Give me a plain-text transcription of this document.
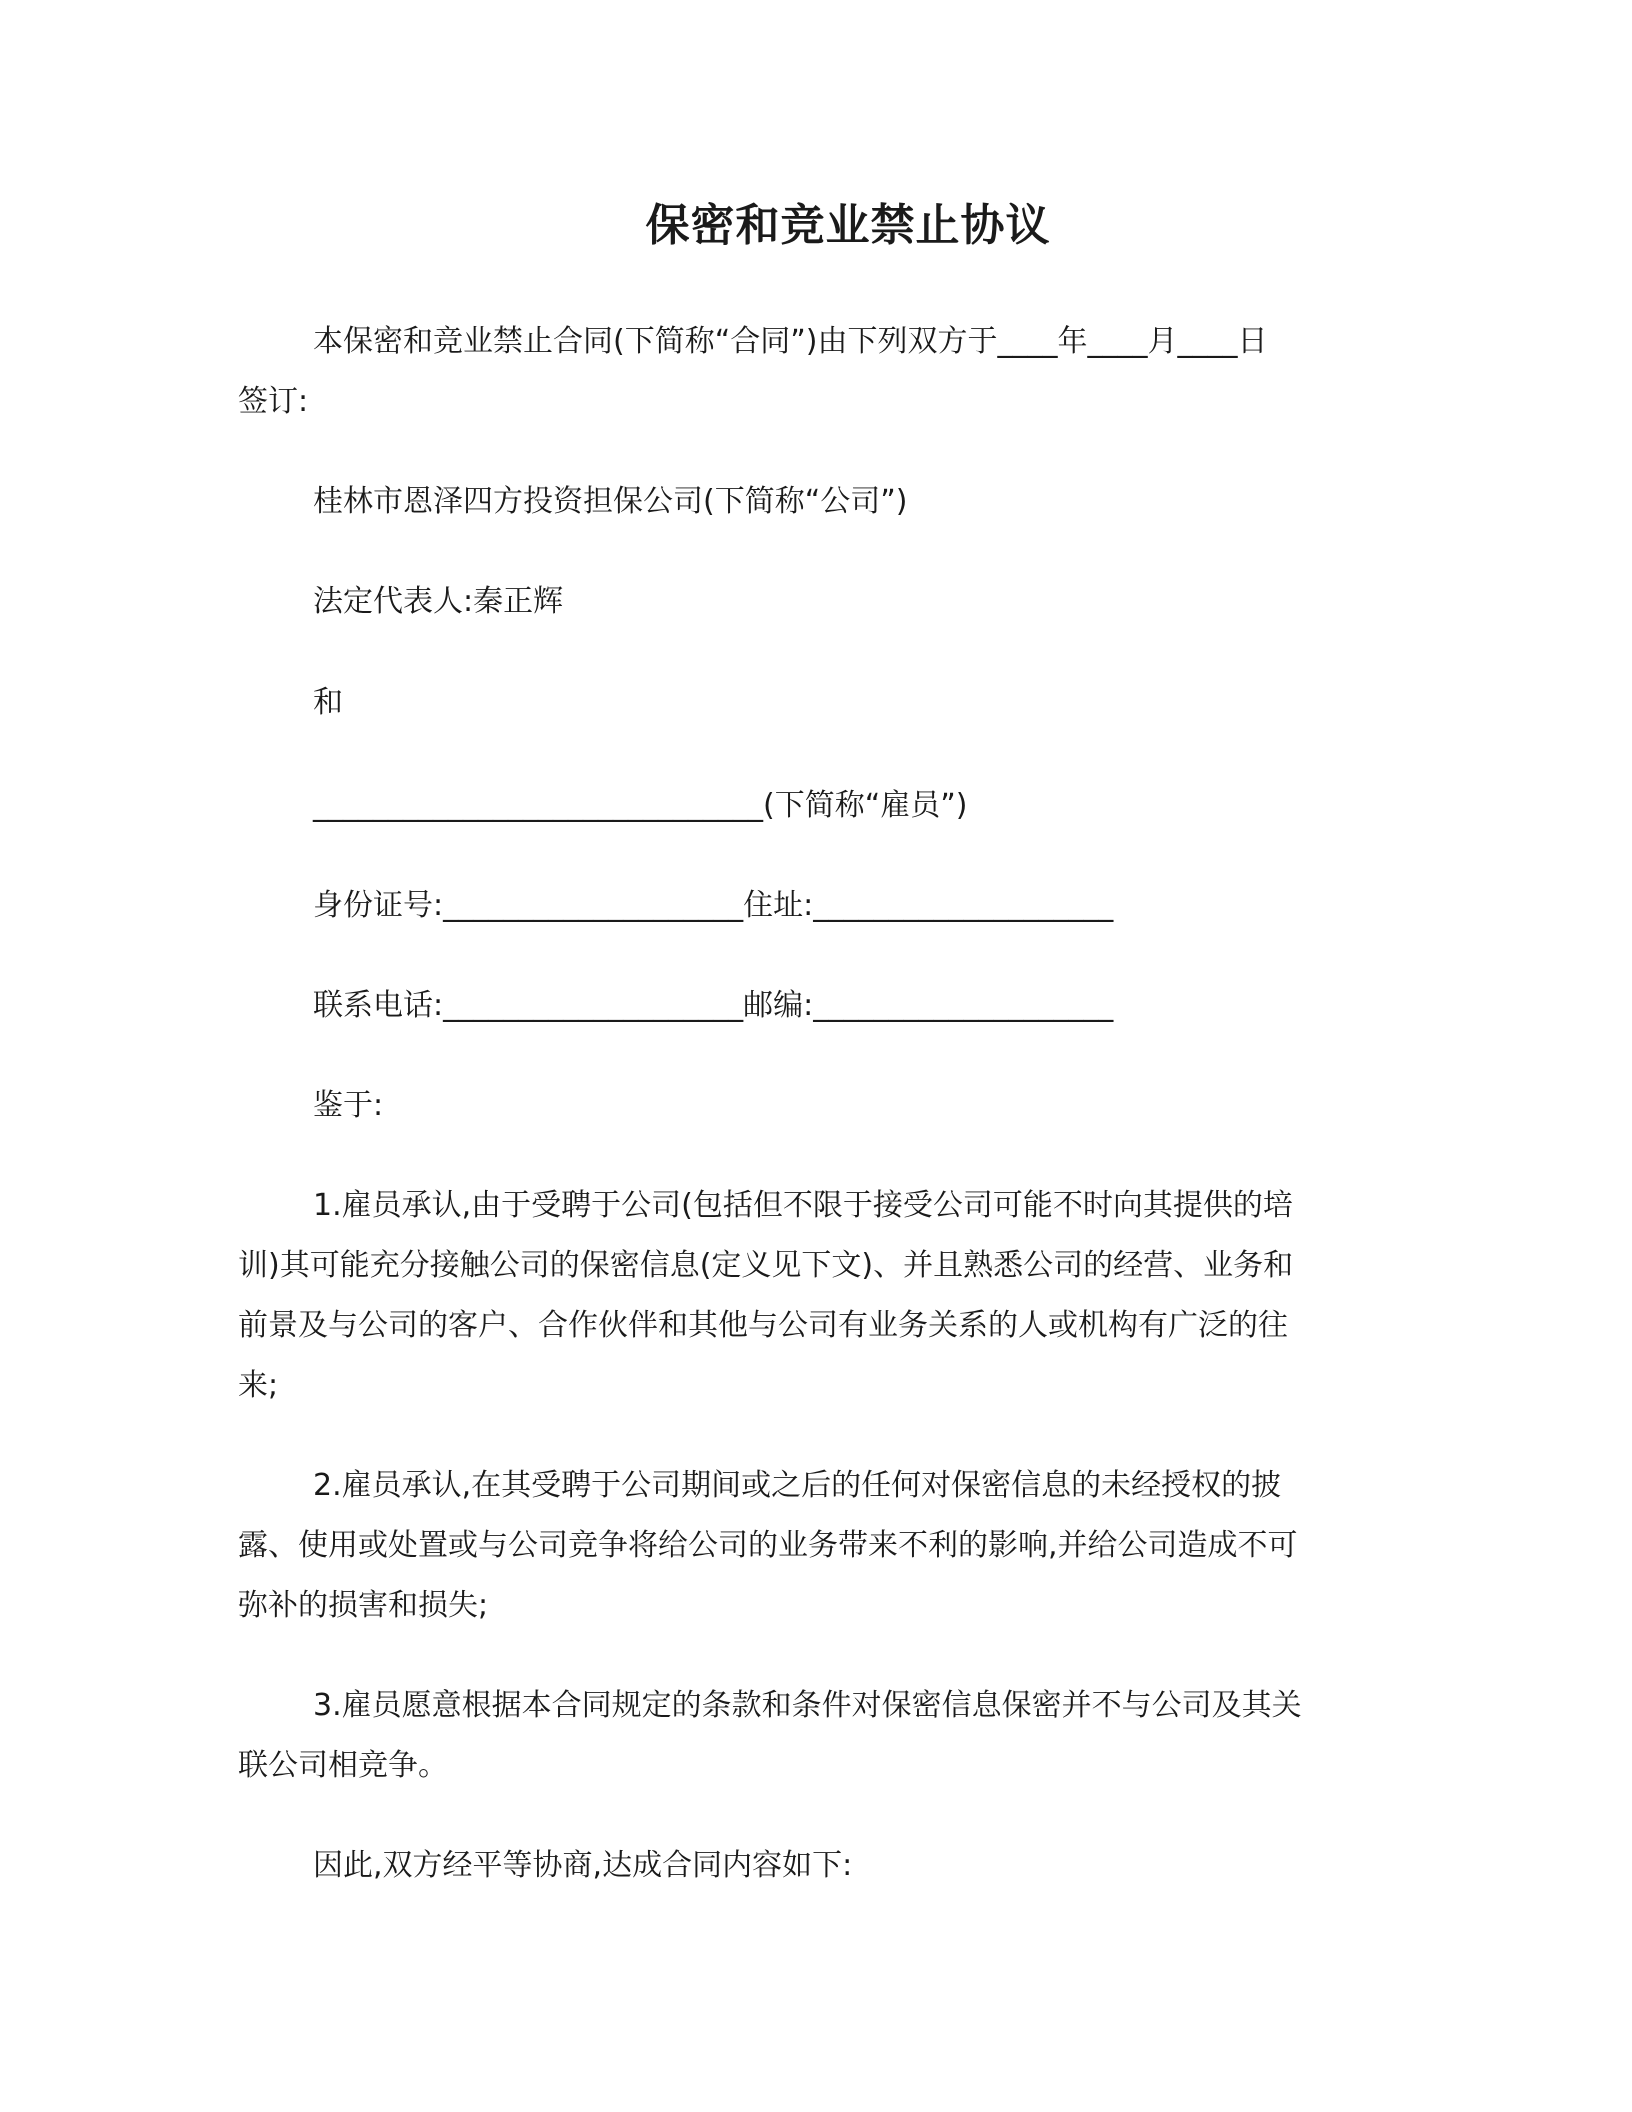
保密和竞业禁止协议
本保密和竞业禁止合同(下简称“合同”)由下列双方于____年____月____日
签订:
桂林市恩泽四方投资担保公司(下简称“公司”)
法定代表人:秦正辉
和
______________________________(下简称“雇员”)
身份证号:____________________住址:____________________
联系电话:____________________邮编:____________________
鉴于:
1.雇员承认,由于受聘于公司(包括但不限于接受公司可能不时向其提供的培
训)其可能充分接触公司的保密信息(定义见下文)、并且熟悉公司的经营、业务和
前景及与公司的客户、合作伙伴和其他与公司有业务关系的人或机构有广泛的往
来;
2.雇员承认,在其受聘于公司期间或之后的任何对保密信息的未经授权的披
露、使用或处置或与公司竞争将给公司的业务带来不利的影响,并给公司造成不可
弥补的损害和损失;
3.雇员愿意根据本合同规定的条款和条件对保密信息保密并不与公司及其关
联公司相竞争。
因此,双方经平等协商,达成合同内容如下:
